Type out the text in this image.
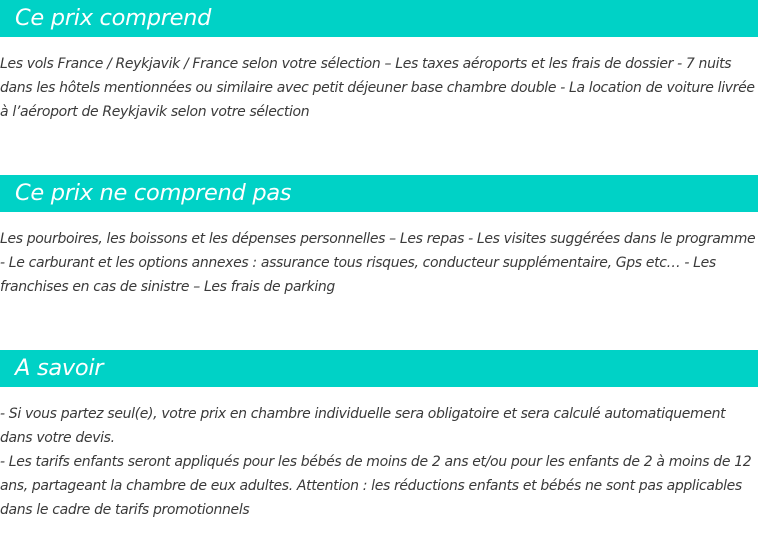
Ce prix comprend

Les vols France / Reykjavik / France selon votre sélection – Les taxes aéroports et les frais de dossier - 7 nuits dans les hôtels mentionnées ou similaire avec petit déjeuner base chambre double - La location de voiture livrée à l’aéroport de Reykjavik selon votre sélection

Ce prix ne comprend pas

Les pourboires, les boissons et les dépenses personnelles – Les repas - Les visites suggérées dans le programme - Le carburant et les options annexes : assurance tous risques, conducteur supplémentaire, Gps etc… - Les franchises en cas de sinistre – Les frais de parking

A savoir

- Si vous partez seul(e), votre prix en chambre individuelle sera obligatoire et sera calculé automatiquement dans votre devis.

- Les tarifs enfants seront appliqués pour les bébés de moins de 2 ans et/ou pour les enfants de 2 à moins de 12 ans, partageant la chambre de eux adultes. Attention : les réductions enfants et bébés ne sont pas applicables dans le cadre de tarifs promotionnels
